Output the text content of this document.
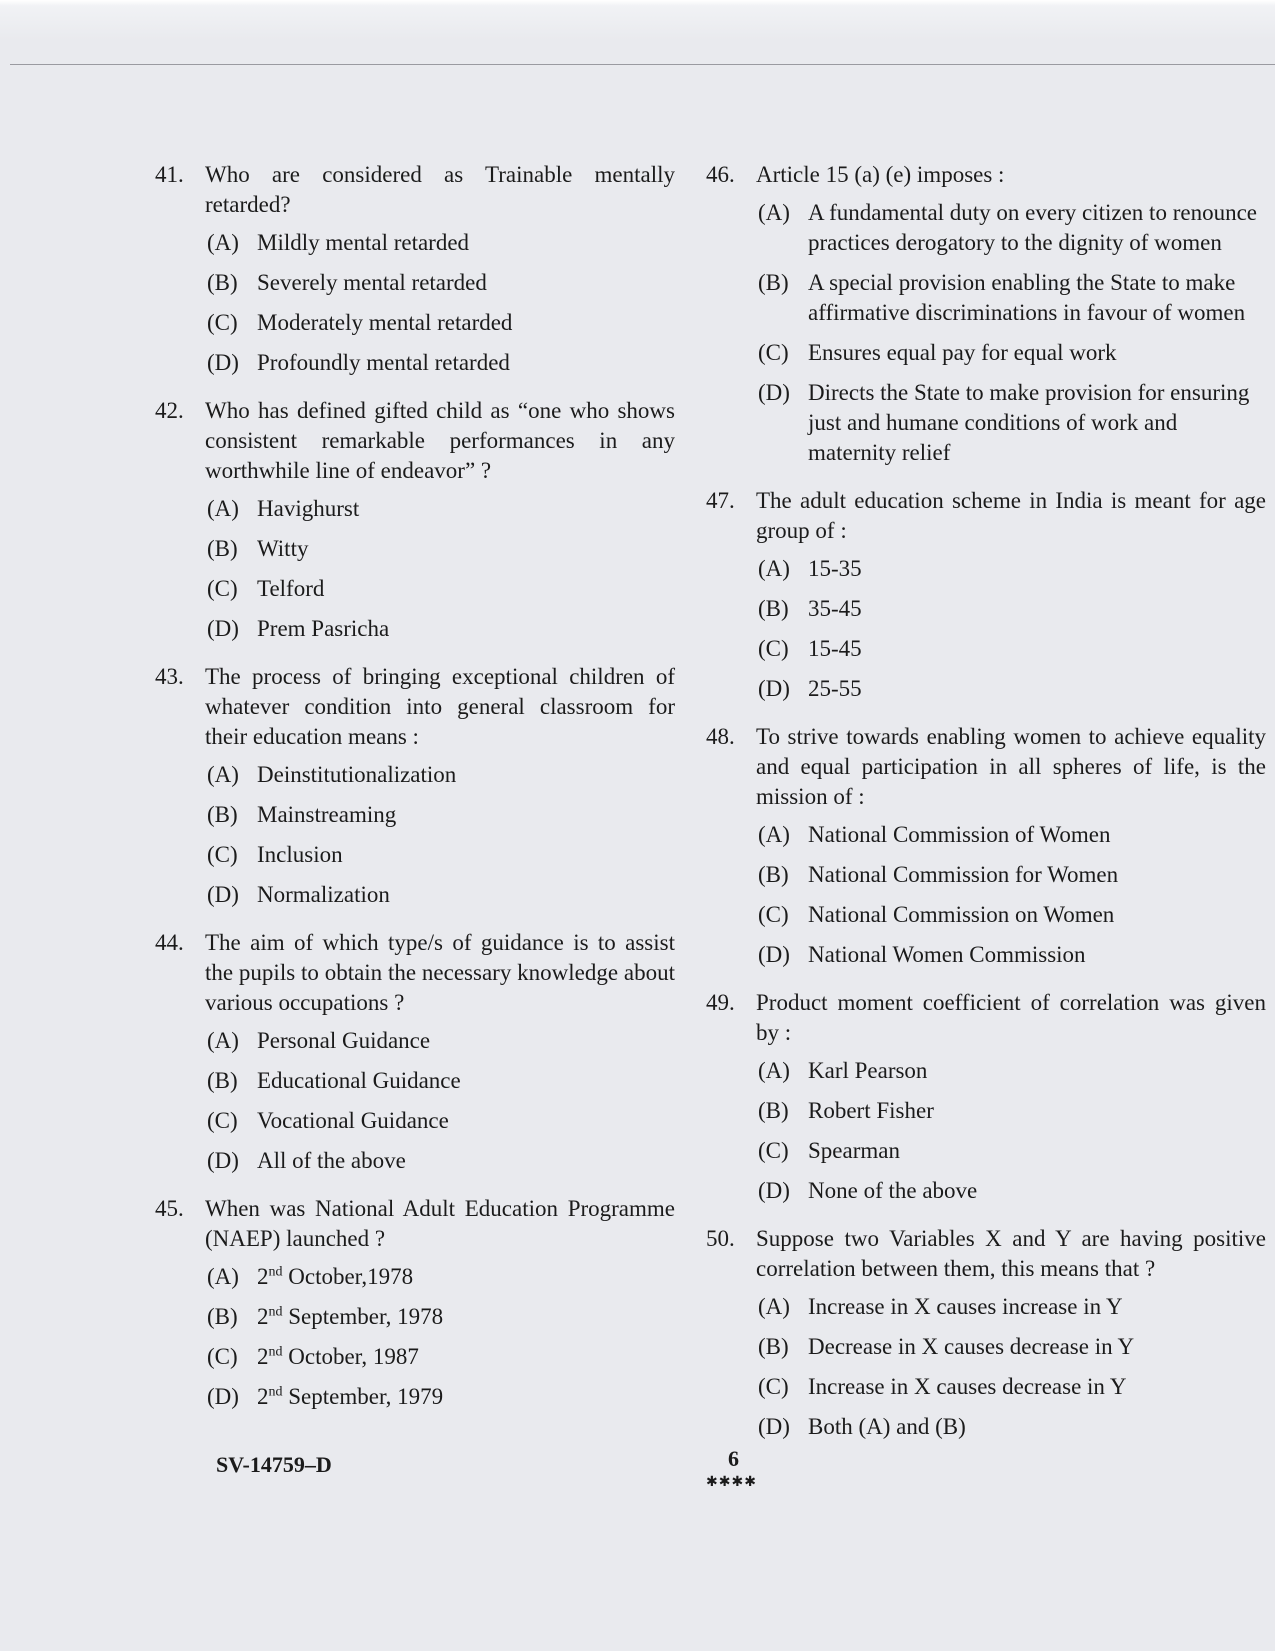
41. Who are considered as Trainable mentally retarded?
(A) Mildly mental retarded
(B) Severely mental retarded
(C) Moderately mental retarded
(D) Profoundly mental retarded
42. Who has defined gifted child as “one who shows consistent remarkable performances in any worthwhile line of endeavor” ?
(A) Havighurst
(B) Witty
(C) Telford
(D) Prem Pasricha
43. The process of bringing exceptional children of whatever condition into general classroom for their education means :
(A) Deinstitutionalization
(B) Mainstreaming
(C) Inclusion
(D) Normalization
44. The aim of which type/s of guidance is to assist the pupils to obtain the necessary knowledge about various occupations ?
(A) Personal Guidance
(B) Educational Guidance
(C) Vocational Guidance
(D) All of the above
45. When was National Adult Education Programme (NAEP) launched ?
(A) 2nd October,1978
(B) 2nd September, 1978
(C) 2nd October, 1987
(D) 2nd September, 1979
46. Article 15 (a) (e) imposes :
(A) A fundamental duty on every citizen to renounce practices derogatory to the dignity of women
(B) A special provision enabling the State to make affirmative discriminations in favour of women
(C) Ensures equal pay for equal work
(D) Directs the State to make provision for ensuring just and humane conditions of work and maternity relief
47. The adult education scheme in India is meant for age group of :
(A) 15-35
(B) 35-45
(C) 15-45
(D) 25-55
48. To strive towards enabling women to achieve equality and equal participation in all spheres of life, is the mission of :
(A) National Commission of Women
(B) National Commission for Women
(C) National Commission on Women
(D) National Women Commission
49. Product moment coefficient of correlation was given by :
(A) Karl Pearson
(B) Robert Fisher
(C) Spearman
(D) None of the above
50. Suppose two Variables X and Y are having positive correlation between them, this means that ?
(A) Increase in X causes increase in Y
(B) Decrease in X causes decrease in Y
(C) Increase in X causes decrease in Y
(D) Both (A) and (B)
SV-14759–D	6
✱✱✱✱
